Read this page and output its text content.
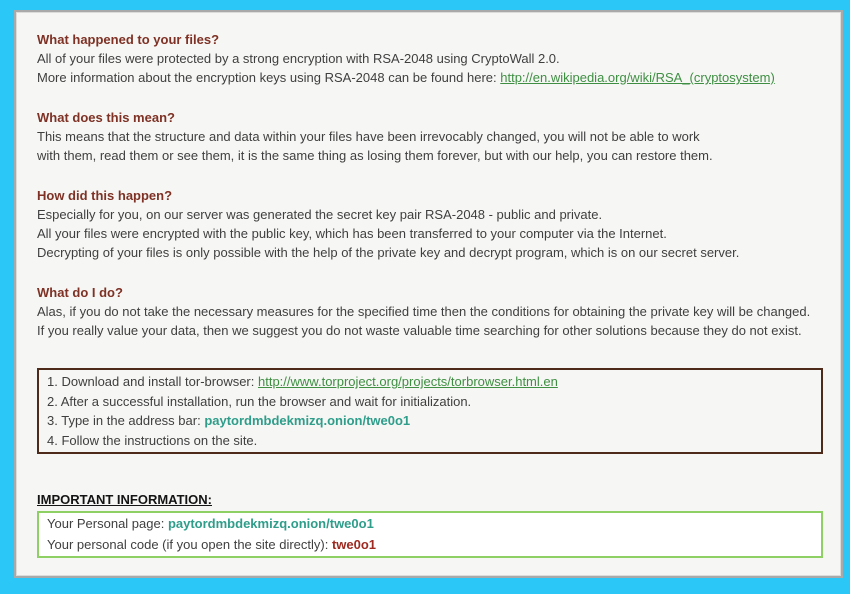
What happened to your files?
All of your files were protected by a strong encryption with RSA-2048 using CryptoWall 2.0.
More information about the encryption keys using RSA-2048 can be found here: http://en.wikipedia.org/wiki/RSA_(cryptosystem)
What does this mean?
This means that the structure and data within your files have been irrevocably changed, you will not be able to work
with them, read them or see them, it is the same thing as losing them forever, but with our help, you can restore them.
How did this happen?
Especially for you, on our server was generated the secret key pair RSA-2048 - public and private.
All your files were encrypted with the public key, which has been transferred to your computer via the Internet.
Decrypting of your files is only possible with the help of the private key and decrypt program, which is on our secret server.
What do I do?
Alas, if you do not take the necessary measures for the specified time then the conditions for obtaining the private key will be changed.
If you really value your data, then we suggest you do not waste valuable time searching for other solutions because they do not exist.
1. Download and install tor-browser: http://www.torproject.org/projects/torbrowser.html.en
2. After a successful installation, run the browser and wait for initialization.
3. Type in the address bar: paytordmbdekmizq.onion/twe0o1
4. Follow the instructions on the site.
IMPORTANT INFORMATION:
Your Personal page: paytordmbdekmizq.onion/twe0o1
Your personal code (if you open the site directly): twe0o1
